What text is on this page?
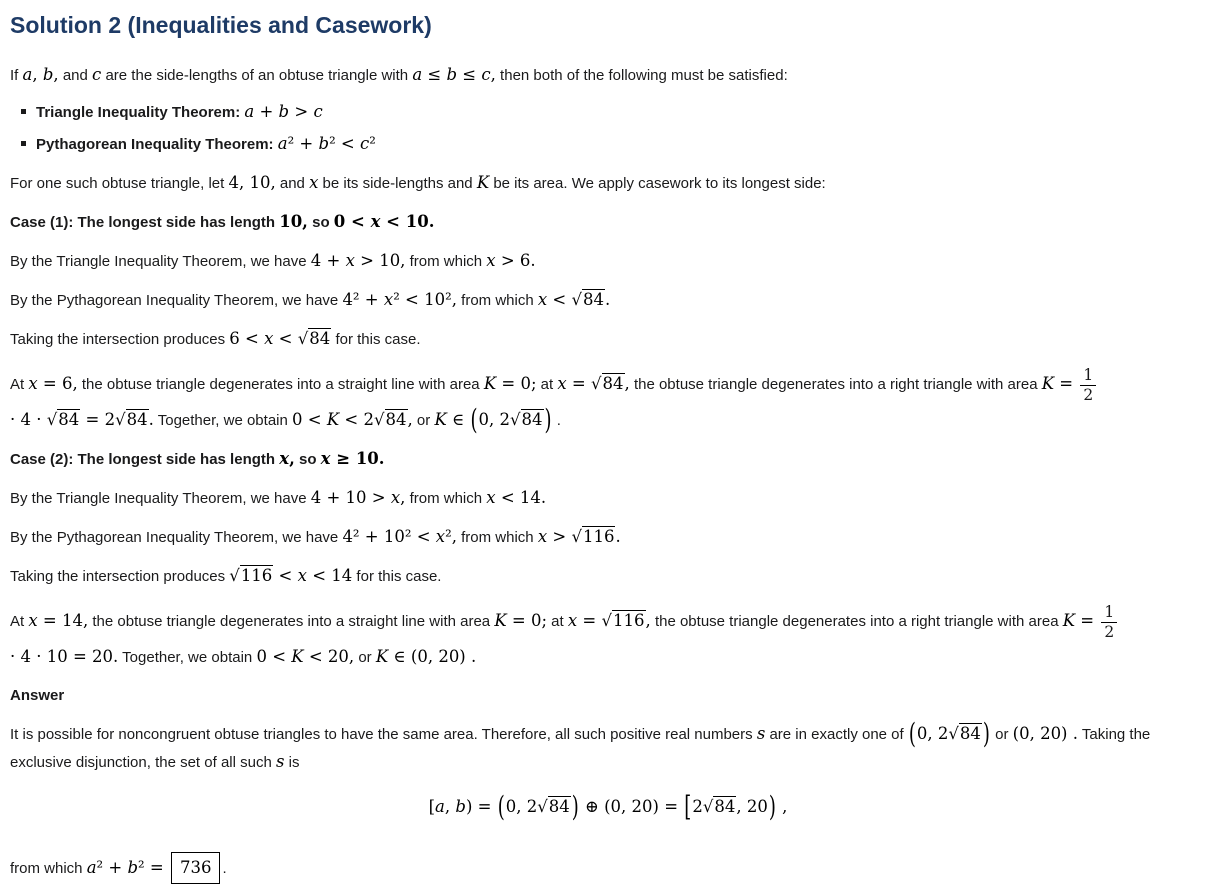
Solution 2 (Inequalities and Casework)

If a, b, and c are the side-lengths of an obtuse triangle with a ≤ b ≤ c, then both of the following must be satisfied:

Triangle Inequality Theorem: a + b > c
Pythagorean Inequality Theorem: a² + b² < c²

For one such obtuse triangle, let 4, 10, and x be its side-lengths and K be its area. We apply casework to its longest side:

Case (1): The longest side has length 10, so 0 < x < 10.

By the Triangle Inequality Theorem, we have 4 + x > 10, from which x > 6.

By the Pythagorean Inequality Theorem, we have 4² + x² < 10², from which x < √84.

Taking the intersection produces 6 < x < √84 for this case.

At x = 6, the obtuse triangle degenerates into a straight line with area K = 0; at x = √84, the obtuse triangle degenerates into a right triangle with area $K = \frac{1}{2}$
· 4 · √84 = 2√84. Together, we obtain 0 < K < 2√84, or K ∈ (0, 2√84 ) .

Case (2): The longest side has length x, so x ≥ 10.

By the Triangle Inequality Theorem, we have 4 + 10 > x, from which x < 14.

By the Pythagorean Inequality Theorem, we have 4² + 10² < x², from which x > √116.

Taking the intersection produces √116 < x < 14 for this case.

At x = 14, the obtuse triangle degenerates into a straight line with area K = 0; at x = √116, the obtuse triangle degenerates into a right triangle with area $K = \frac{1}{2}$
· 4 · 10 = 20. Together, we obtain 0 < K < 20, or K ∈ (0, 20) .

Answer

It is possible for noncongruent obtuse triangles to have the same area. Therefore, all such positive real numbers s are in exactly one of (0, 2√84 ) or (0, 20) . Taking the exclusive disjunction, the set of all such s is

[a, b) = (0, 2√84 ) ⊕ (0, 20) = [2√84, 20) ,

from which a² + b² = 736 .
